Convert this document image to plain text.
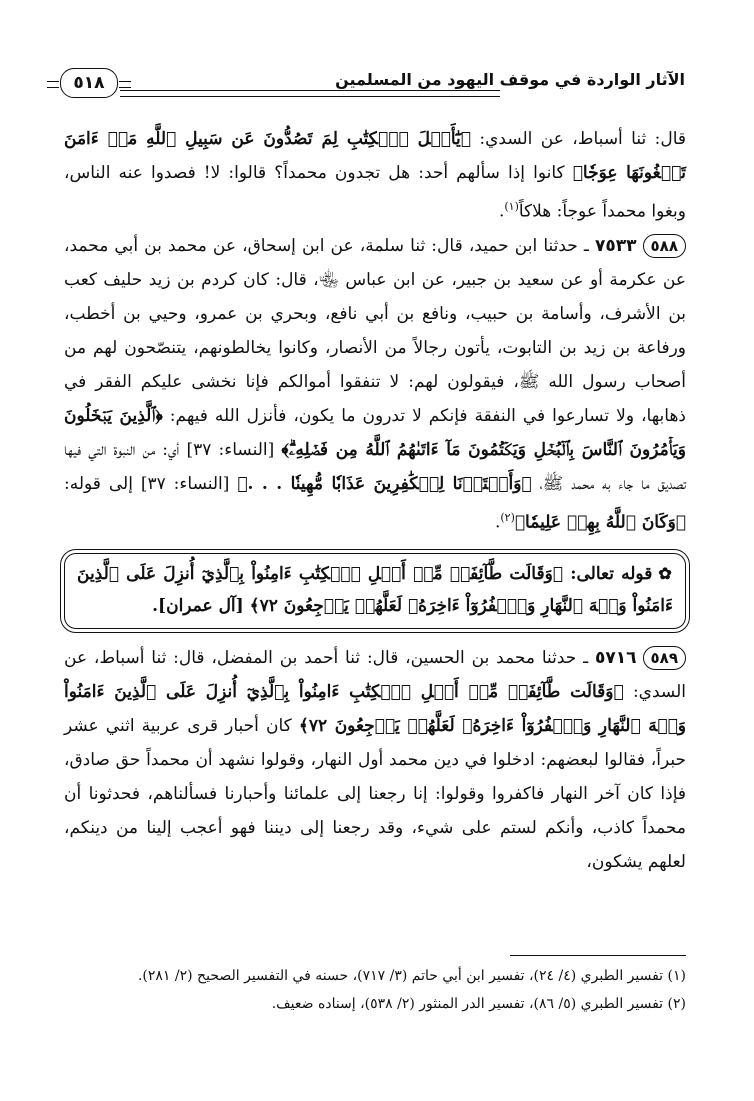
الآثار الواردة في موقف اليهود من المسلمين
٥١٨

قال: ثنا أسباط، عن السدي: ﴿يَٰٓأَهۡلَ ٱلۡكِتَٰبِ لِمَ تَصُدُّونَ عَن سَبِيلِ ٱللَّهِ مَنۡ ءَامَنَ تَبۡغُونَهَا عِوَجٗا﴾ كانوا إذا سألهم أحد: هل تجدون محمداً؟ قالوا: لا! فصدوا عنه الناس، وبغوا محمداً عوجاً: هلاكاً$^{(١)}$.

٥٨٨٧٥٣٣ ـ حدثنا ابن حميد، قال: ثنا سلمة، عن ابن إسحاق، عن محمد بن أبي محمد، عن عكرمة أو عن سعيد بن جبير، عن ابن عباس ﵄، قال: كان كردم بن زيد حليف كعب بن الأشرف، وأسامة بن حبيب، ونافع بن أبي نافع، وبحري بن عمرو، وحيي بن أخطب، ورفاعة بن زيد بن التابوت، يأتون رجالاً من الأنصار، وكانوا يخالطونهم، يتنصّحون لهم من أصحاب رسول الله ﷺ، فيقولون لهم: لا تنفقوا أموالكم فإنا نخشى عليكم الفقر في ذهابها، ولا تسارعوا في النفقة فإنكم لا تدرون ما يكون، فأنزل الله فيهم: ﴿ٱلَّذِينَ يَبۡخَلُونَ وَيَأۡمُرُونَ ٱلنَّاسَ بِٱلۡبُخۡلِ وَيَكۡتُمُونَ مَآ ءَاتَىٰهُمُ ٱللَّهُ مِن فَضۡلِهِۦۗ﴾ [النساء: ٣٧] أي: من النبوة التي فيها تصديق ما جاء به محمد ﷺ، ﴿وَأَعۡتَدۡنَا لِلۡكَٰفِرِينَ عَذَابٗا مُّهِينٗا . . .﴾ [النساء: ٣٧] إلى قوله: ﴿وَكَانَ ٱللَّهُ بِهِمۡ عَلِيمٗا﴾$^{(٢)}$.

✿قوله تعالى: ﴿وَقَالَت طَّآئِفَةٞ مِّنۡ أَهۡلِ ٱلۡكِتَٰبِ ءَامِنُواْ بِٱلَّذِيٓ أُنزِلَ عَلَى ٱلَّذِينَ ءَامَنُواْ وَجۡهَ ٱلنَّهَارِ وَٱكۡفُرُوٓاْ ءَاخِرَهُۥ لَعَلَّهُمۡ يَرۡجِعُونَ ٧٢﴾ [آل عمران].

٥٨٩٥٧١٦ ـ حدثنا محمد بن الحسين، قال: ثنا أحمد بن المفضل، قال: ثنا أسباط، عن السدي: ﴿وَقَالَت طَّآئِفَةٞ مِّنۡ أَهۡلِ ٱلۡكِتَٰبِ ءَامِنُواْ بِٱلَّذِيٓ أُنزِلَ عَلَى ٱلَّذِينَ ءَامَنُواْ وَجۡهَ ٱلنَّهَارِ وَٱكۡفُرُوٓاْ ءَاخِرَهُۥ لَعَلَّهُمۡ يَرۡجِعُونَ ٧٢﴾ كان أحبار قرى عربية اثني عشر حبراً، فقالوا لبعضهم: ادخلوا في دين محمد أول النهار، وقولوا نشهد أن محمداً حق صادق، فإذا كان آخر النهار فاكفروا وقولوا: إنا رجعنا إلى علمائنا وأحبارنا فسألناهم، فحدثونا أن محمداً كاذب، وأنكم لستم على شيء، وقد رجعنا إلى ديننا فهو أعجب إلينا من دينكم، لعلهم يشكون،

(١) تفسير الطبري (٤/ ٢٤)، تفسير ابن أبي حاتم (٣/ ٧١٧)، حسنه في التفسير الصحيح (٢/ ٢٨١).

(٢) تفسير الطبري (٥/ ٨٦)، تفسير الدر المنثور (٢/ ٥٣٨)، إسناده ضعيف.
